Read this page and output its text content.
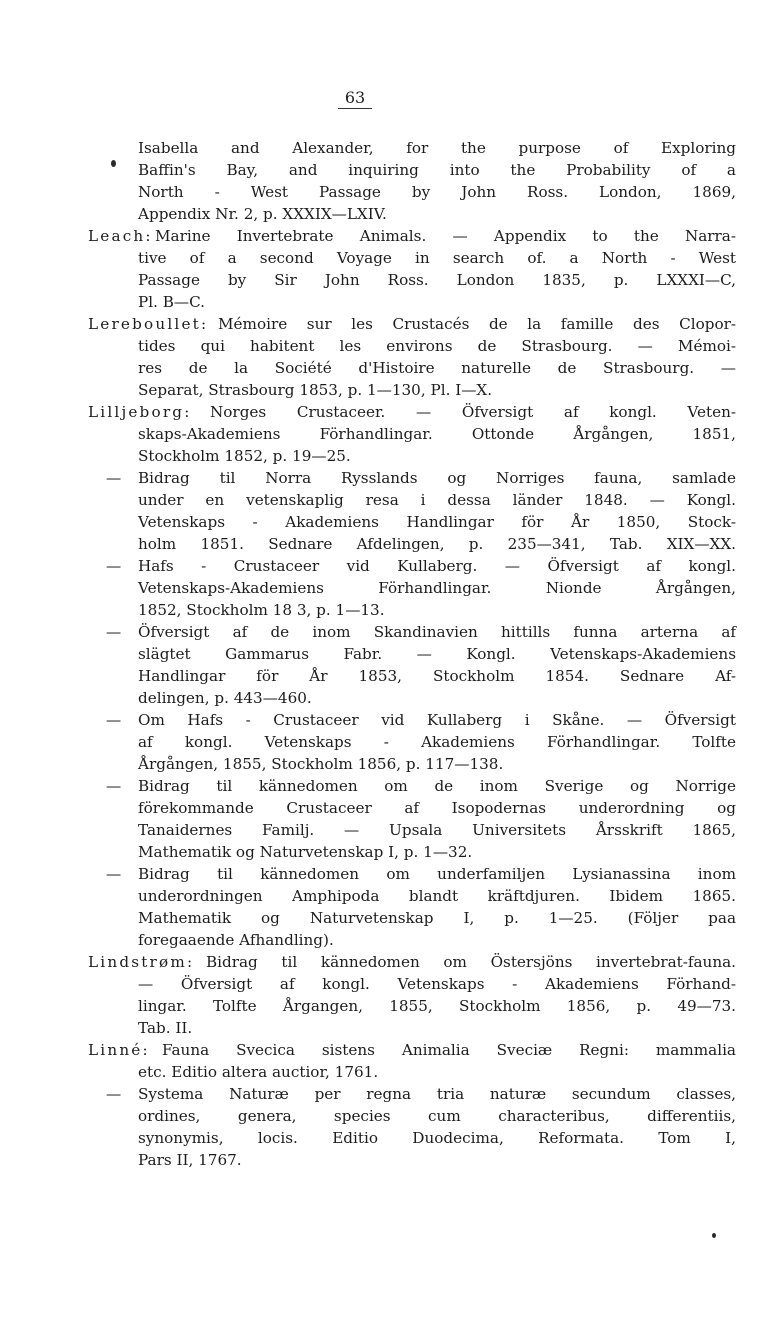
63
Isabella and Alexander, for the purpose of Exploring
Baffin's Bay, and inquiring into the Probability of a
North - West Passage by John Ross. London, 1869,
Appendix Nr. 2, p. XXXIX—LXIV.
Leach: Marine Invertebrate Animals. — Appendix to the Narra-
tive of a second Voyage in search of. a North - West
Passage by Sir John Ross. London 1835, p. LXXXI—C,
Pl. B—C.
Lereboullet: Mémoire sur les Crustacés de la famille des Clopor-
tides qui habitent les environs de Strasbourg. — Mémoi-
res de la Société d'Histoire naturelle de Strasbourg. —
Separat, Strasbourg 1853, p. 1—130, Pl. I—X.
Lilljeborg: Norges Crustaceer. — Öfversigt af kongl. Veten-
skaps-Akademiens Förhandlingar. Ottonde Årgången, 1851,
Stockholm 1852, p. 19—25.
— Bidrag til Norra Rysslands og Norriges fauna, samlade
under en vetenskaplig resa i dessa länder 1848. — Kongl.
Vetenskaps - Akademiens Handlingar för År 1850, Stock-
holm 1851. Sednare Afdelingen, p. 235—341, Tab. XIX—XX.
— Hafs - Crustaceer vid Kullaberg. — Öfversigt af kongl.
Vetenskaps-Akademiens Förhandlingar. Nionde Årgången,
1852, Stockholm 18 3, p. 1—13.
— Öfversigt af de inom Skandinavien hittills funna arterna af
slägtet Gammarus Fabr. — Kongl. Vetenskaps-Akademiens
Handlingar för År 1853, Stockholm 1854. Sednare Af-
delingen, p. 443—460.
— Om Hafs - Crustaceer vid Kullaberg i Skåne. — Öfversigt
af kongl. Vetenskaps - Akademiens Förhandlingar. Tolfte
Årgången, 1855, Stockholm 1856, p. 117—138.
— Bidrag til kännedomen om de inom Sverige og Norrige
förekommande Crustaceer af Isopodernas underordning og
Tanaidernes Familj. — Upsala Universitets Årsskrift 1865,
Mathematik og Naturvetenskap I, p. 1—32.
— Bidrag til kännedomen om underfamiljen Lysianassina inom
underordningen Amphipoda blandt kräftdjuren. Ibidem 1865.
Mathematik og Naturvetenskap I, p. 1—25. (Följer paa
foregaaende Afhandling).
Lindstrøm: Bidrag til kännedomen om Östersjöns invertebrat-fauna.
— Öfversigt af kongl. Vetenskaps - Akademiens Förhand-
lingar. Tolfte Årgangen, 1855, Stockholm 1856, p. 49—73.
Tab. II.
Linné: Fauna Svecica sistens Animalia Sveciæ Regni: mammalia
etc. Editio altera auctior, 1761.
— Systema Naturæ per regna tria naturæ secundum classes,
ordines, genera, species cum characteribus, differentiis,
synonymis, locis. Editio Duodecima, Reformata. Tom I,
Pars II, 1767.
